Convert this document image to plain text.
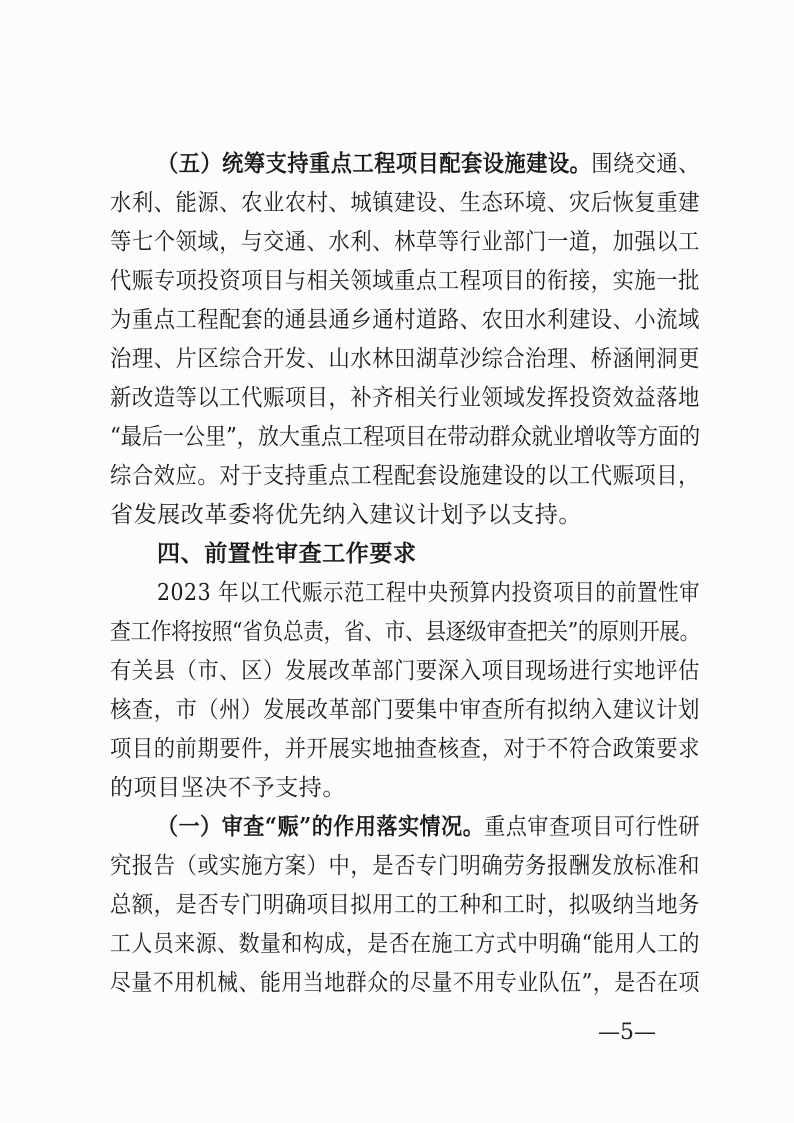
（五）统筹支持重点工程项目配套设施建设。围绕交通、
水利、能源、农业农村、城镇建设、生态环境、灾后恢复重建
等七个领域，与交通、水利、林草等行业部门一道，加强以工
代赈专项投资项目与相关领域重点工程项目的衔接，实施一批
为重点工程配套的通县通乡通村道路、农田水利建设、小流域
治理、片区综合开发、山水林田湖草沙综合治理、桥涵闸洞更
新改造等以工代赈项目，补齐相关行业领域发挥投资效益落地
“最后一公里”，放大重点工程项目在带动群众就业增收等方面的
综合效应。对于支持重点工程配套设施建设的以工代赈项目，
省发展改革委将优先纳入建议计划予以支持。
四、前置性审查工作要求
2023 年以工代赈示范工程中央预算内投资项目的前置性审
查工作将按照“省负总责，省、市、县逐级审查把关”的原则开展。
有关县（市、区）发展改革部门要深入项目现场进行实地评估
核查，市（州）发展改革部门要集中审查所有拟纳入建议计划
项目的前期要件，并开展实地抽查核查，对于不符合政策要求
的项目坚决不予支持。
（一）审查“赈”的作用落实情况。重点审查项目可行性研
究报告（或实施方案）中，是否专门明确劳务报酬发放标准和
总额，是否专门明确项目拟用工的工种和工时，拟吸纳当地务
工人员来源、数量和构成，是否在施工方式中明确“能用人工的
尽量不用机械、能用当地群众的尽量不用专业队伍”，是否在项
—5—
